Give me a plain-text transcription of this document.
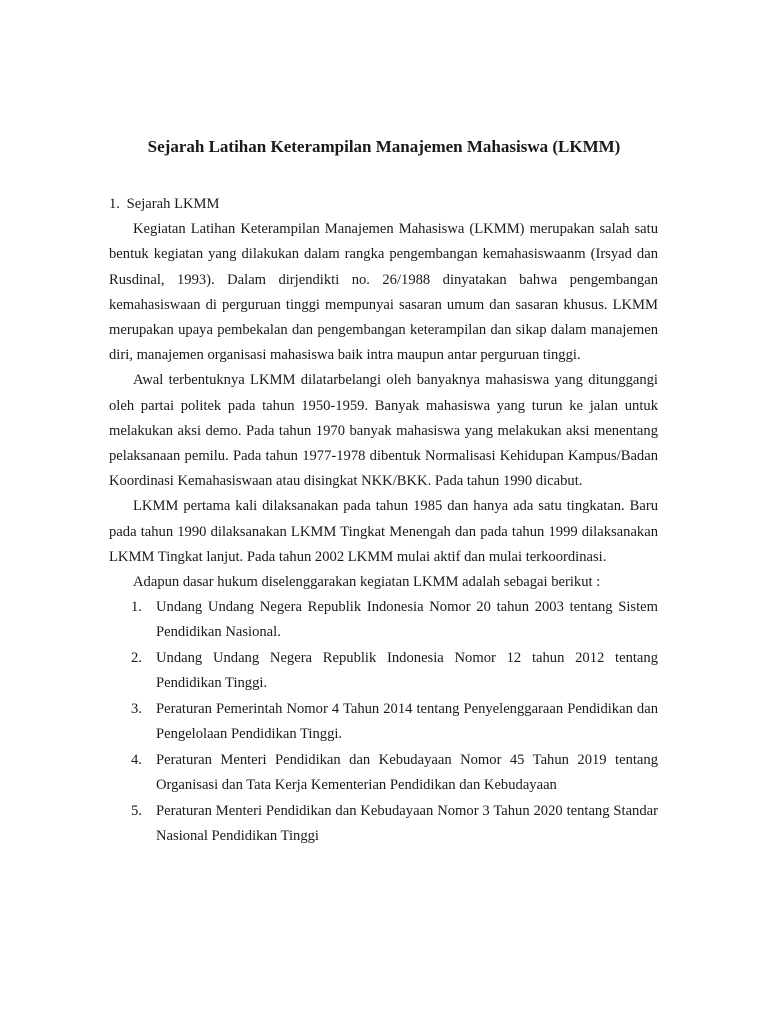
Sejarah Latihan Keterampilan Manajemen Mahasiswa (LKMM)

1. Sejarah LKMM

Kegiatan Latihan Keterampilan Manajemen Mahasiswa (LKMM) merupakan salah satu bentuk kegiatan yang dilakukan dalam rangka pengembangan kemahasiswaanm (Irsyad dan Rusdinal, 1993). Dalam dirjendikti no. 26/1988 dinyatakan bahwa pengembangan kemahasiswaan di perguruan tinggi mempunyai sasaran umum dan sasaran khusus. LKMM merupakan upaya pembekalan dan pengembangan keterampilan dan sikap dalam manajemen diri, manajemen organisasi mahasiswa baik intra maupun antar perguruan tinggi.

Awal terbentuknya LKMM dilatarbelangi oleh banyaknya mahasiswa yang ditunggangi oleh partai politek pada tahun 1950-1959. Banyak mahasiswa yang turun ke jalan untuk melakukan aksi demo. Pada tahun 1970 banyak mahasiswa yang melakukan aksi menentang pelaksanaan pemilu. Pada tahun 1977-1978 dibentuk Normalisasi Kehidupan Kampus/Badan Koordinasi Kemahasiswaan atau disingkat NKK/BKK. Pada tahun 1990 dicabut.

LKMM pertama kali dilaksanakan pada tahun 1985 dan hanya ada satu tingkatan. Baru pada tahun 1990 dilaksanakan LKMM Tingkat Menengah dan pada tahun 1999 dilaksanakan LKMM Tingkat lanjut. Pada tahun 2002 LKMM mulai aktif dan mulai terkoordinasi.

Adapun dasar hukum diselenggarakan kegiatan LKMM adalah sebagai berikut :

1. Undang Undang Negera Republik Indonesia Nomor 20 tahun 2003 tentang Sistem Pendidikan Nasional.
2. Undang Undang Negera Republik Indonesia Nomor 12 tahun 2012 tentang Pendidikan Tinggi.
3. Peraturan Pemerintah Nomor 4 Tahun 2014 tentang Penyelenggaraan Pendidikan dan Pengelolaan Pendidikan Tinggi.
4. Peraturan Menteri Pendidikan dan Kebudayaan Nomor 45 Tahun 2019 tentang Organisasi dan Tata Kerja Kementerian Pendidikan dan Kebudayaan
5. Peraturan Menteri Pendidikan dan Kebudayaan Nomor 3 Tahun 2020 tentang Standar Nasional Pendidikan Tinggi
